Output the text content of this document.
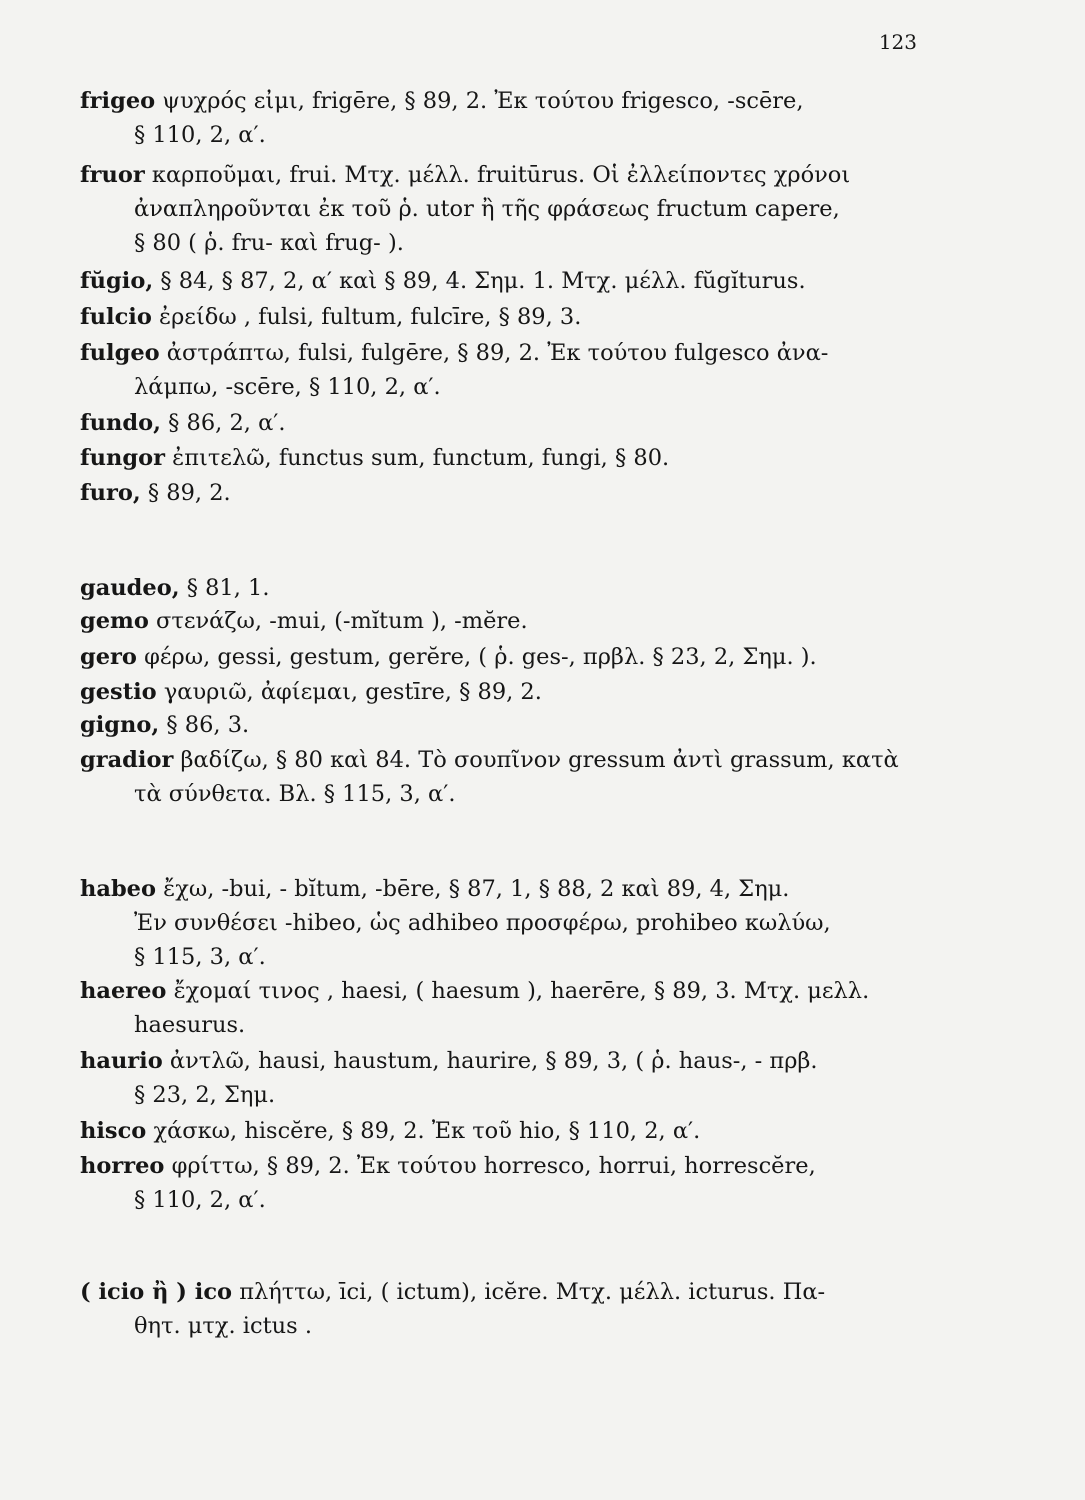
123
frigeo ψυχρός εἰμι, frigēre, § 89, 2. Ἐκ τούτου frigesco, -scēre,
§ 110, 2, α′.
fruor καρποῦμαι, frui. Μτχ. μέλλ. fruitūrus. Οἱ ἐλλείποντες χρόνοι
ἀναπληροῦνται ἐκ τοῦ ῥ. utor ἢ τῆς φράσεως fructum capere,
§ 80 ( ῥ. fru- καὶ frug- ).
fŭgio, § 84, § 87, 2, α′ καὶ § 89, 4. Σημ. 1. Μτχ. μέλλ. fŭgĭturus.
fulcio ἐρείδω , fulsi, fultum, fulcīre, § 89, 3.
fulgeo ἀστράπτω, fulsi, fulgēre, § 89, 2. Ἐκ τούτου fulgesco ἀνα-
λάμπω, -scēre, § 110, 2, α′.
fundo, § 86, 2, α′.
fungor ἐπιτελῶ, functus sum, functum, fungi, § 80.
furo, § 89, 2.
gaudeo, § 81, 1.
gemo στενάζω, -mui, (-mĭtum ), -mĕre.
gero φέρω, gessi, gestum, gerĕre, ( ῥ. ges-, πρβλ. § 23, 2, Σημ. ).
gestio γαυριῶ, ἀφίεμαι, gestīre, § 89, 2.
gigno, § 86, 3.
gradior βαδίζω, § 80 καὶ 84. Τὸ σουπῖνον gressum ἀντὶ grassum, κατὰ
τὰ σύνθετα. Βλ. § 115, 3, α′.
habeo ἔχω, -bui, - bĭtum, -bēre, § 87, 1, § 88, 2 καὶ 89, 4, Σημ.
Ἐν συνθέσει -hibeo, ὡς adhibeo προσφέρω, prohibeo κωλύω,
§ 115, 3, α′.
haereo ἔχομαί τινος , haesi, ( haesum ), haerēre, § 89, 3. Μτχ. μελλ.
haesurus.
haurio ἀντλῶ, hausi, haustum, haurire, § 89, 3, ( ῥ. haus-, - πρβ.
§ 23, 2, Σημ.
hisco χάσκω, hiscĕre, § 89, 2. Ἐκ τοῦ hio, § 110, 2, α′.
horreo φρίττω, § 89, 2. Ἐκ τούτου horresco, horrui, horrescĕre,
§ 110, 2, α′.
( icio ἢ ) ico πλήττω, īci, ( ictum), icĕre. Μτχ. μέλλ. icturus. Πα-
θητ. μτχ. ictus .
